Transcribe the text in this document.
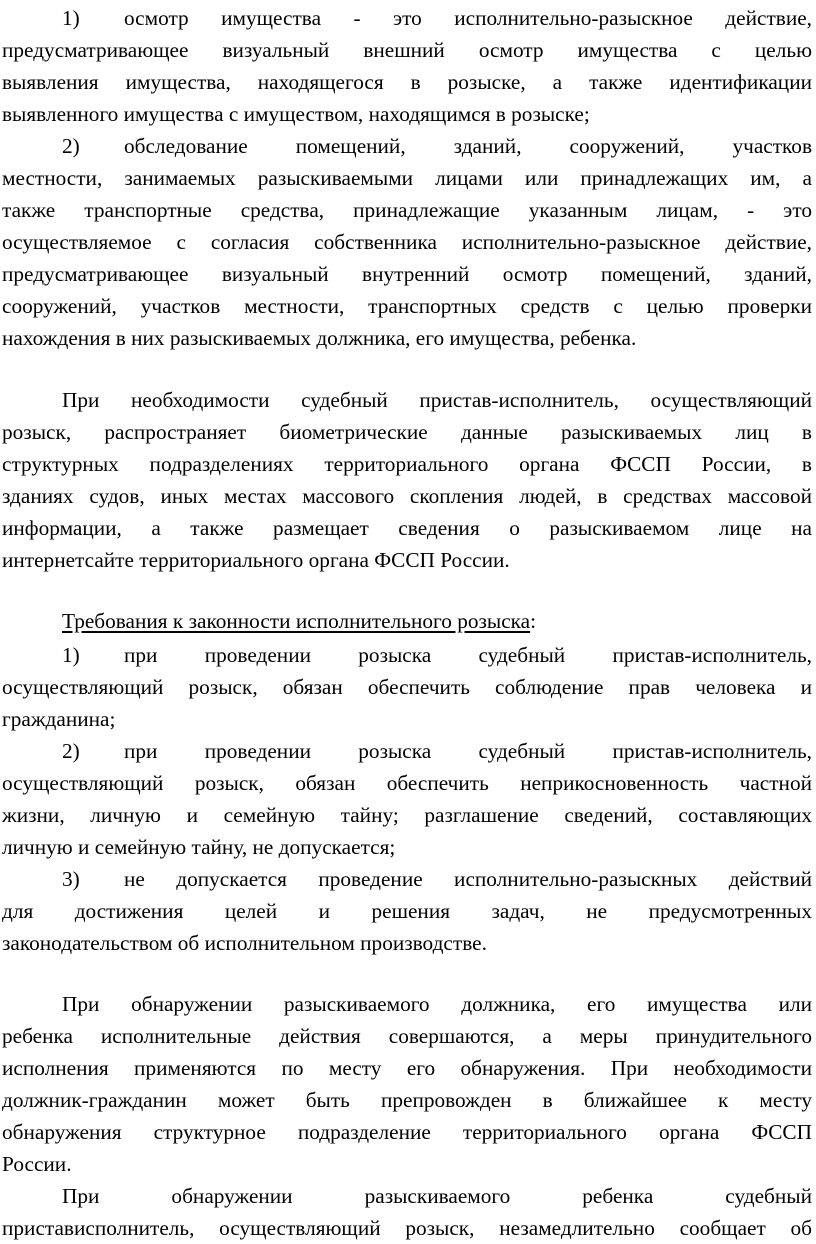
1) осмотр имущества - это исполнительно-разыскное действие,
предусматривающее визуальный внешний осмотр имущества с целью
выявления имущества, находящегося в розыске, а также идентификации
выявленного имущества с имуществом, находящимся в розыске;
2) обследование помещений, зданий, сооружений, участков
местности, занимаемых разыскиваемыми лицами или принадлежащих им, а
также транспортные средства, принадлежащие указанным лицам, - это
осуществляемое с согласия собственника исполнительно-разыскное действие,
предусматривающее визуальный внутренний осмотр помещений, зданий,
сооружений, участков местности, транспортных средств с целью проверки
нахождения в них разыскиваемых должника, его имущества, ребенка.
При необходимости судебный пристав-исполнитель, осуществляющий
розыск, распространяет биометрические данные разыскиваемых лиц в
структурных подразделениях территориального органа ФССП России, в
зданиях судов, иных местах массового скопления людей, в средствах массовой
информации, а также размещает сведения о разыскиваемом лице на
интернетсайте территориального органа ФССП России.
Требования к законности исполнительного розыска:
1) при проведении розыска судебный пристав-исполнитель,
осуществляющий розыск, обязан обеспечить соблюдение прав человека и
гражданина;
2) при проведении розыска судебный пристав-исполнитель,
осуществляющий розыск, обязан обеспечить неприкосновенность частной
жизни, личную и семейную тайну; разглашение сведений, составляющих
личную и семейную тайну, не допускается;
3) не допускается проведение исполнительно-разыскных действий
для достижения целей и решения задач, не предусмотренных
законодательством об исполнительном производстве.
При обнаружении разыскиваемого должника, его имущества или
ребенка исполнительные действия совершаются, а меры принудительного
исполнения применяются по месту его обнаружения. При необходимости
должник-гражданин может быть препровожден в ближайшее к месту
обнаружения структурное подразделение территориального органа ФССП
России.
При обнаружении разыскиваемого ребенка судебный
пристависполнитель, осуществляющий розыск, незамедлительно сообщает об
